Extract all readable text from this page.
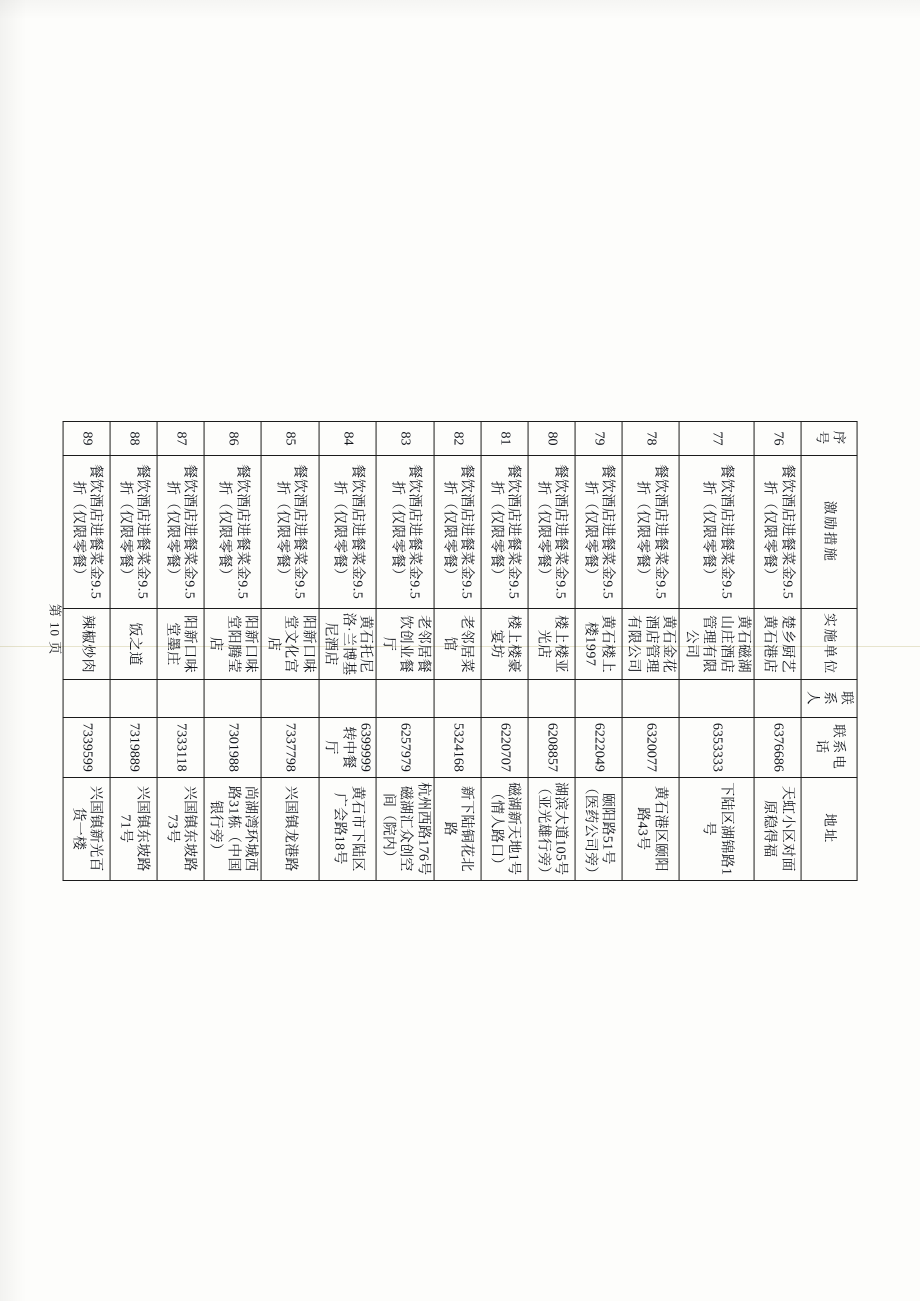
序号	激励措施	实施单位	联系人	联系电话	地址
76	餐饮酒店进餐菜金9.5折（仅限零餐）	楚乡厨艺黄石港店		6376686	天虹小区对面原稳得福
77	餐饮酒店进餐菜金9.5折（仅限零餐）	黄石磁湖山庄酒店管理有限公司		6353333	下陆区湖锦路1号
78	餐饮酒店进餐菜金9.5折（仅限零餐）	黄石金花酒店管理有限公司		6320077	黄石港区颐阳路43号
79	餐饮酒店进餐菜金9.5折（仅限零餐）	黄石楼上楼1997		6222049	颐阳路51号（医药公司旁）
80	餐饮酒店进餐菜金9.5折（仅限零餐）	楼上楼亚光店		6208857	湖滨大道105号（亚光雄行旁）
81	餐饮酒店进餐菜金9.5折（仅限零餐）	楼上楼豪宴坊		6220707	磁湖新天地1号（情人路口）
82	餐饮酒店进餐菜金9.5折（仅限零餐）	老邻居菜馆		5324168	新下陆铜花北路
83	餐饮酒店进餐菜金9.5折（仅限零餐）	老邻居餐饮创业餐厅		6257979	杭州西路176号磁湖汇众创空间（院内）
84	餐饮酒店进餐菜金9.5折（仅限零餐）	黄石托尼洛·兰博基尼酒店		6399999转中餐厅	黄石市下陆区广会路18号
85	餐饮酒店进餐菜金9.5折（仅限零餐）	阳新口味堂文化宫店		7337798	兴国镇龙港路
86	餐饮酒店进餐菜金9.5折（仅限零餐）	阳新口味堂阳腾莹店		7301988	尚湖湾环城西路31栋（中国银行旁）
87	餐饮酒店进餐菜金9.5折（仅限零餐）	阳新口味堂墨庄		7333118	兴国镇东坡路73号
88	餐饮酒店进餐菜金9.5折（仅限零餐）	饭之道		7319889	兴国镇东坡路71号
89	餐饮酒店进餐菜金9.5折（仅限零餐）	辣椒炒肉		7339599	兴国镇新光百货一楼
第 10 页
